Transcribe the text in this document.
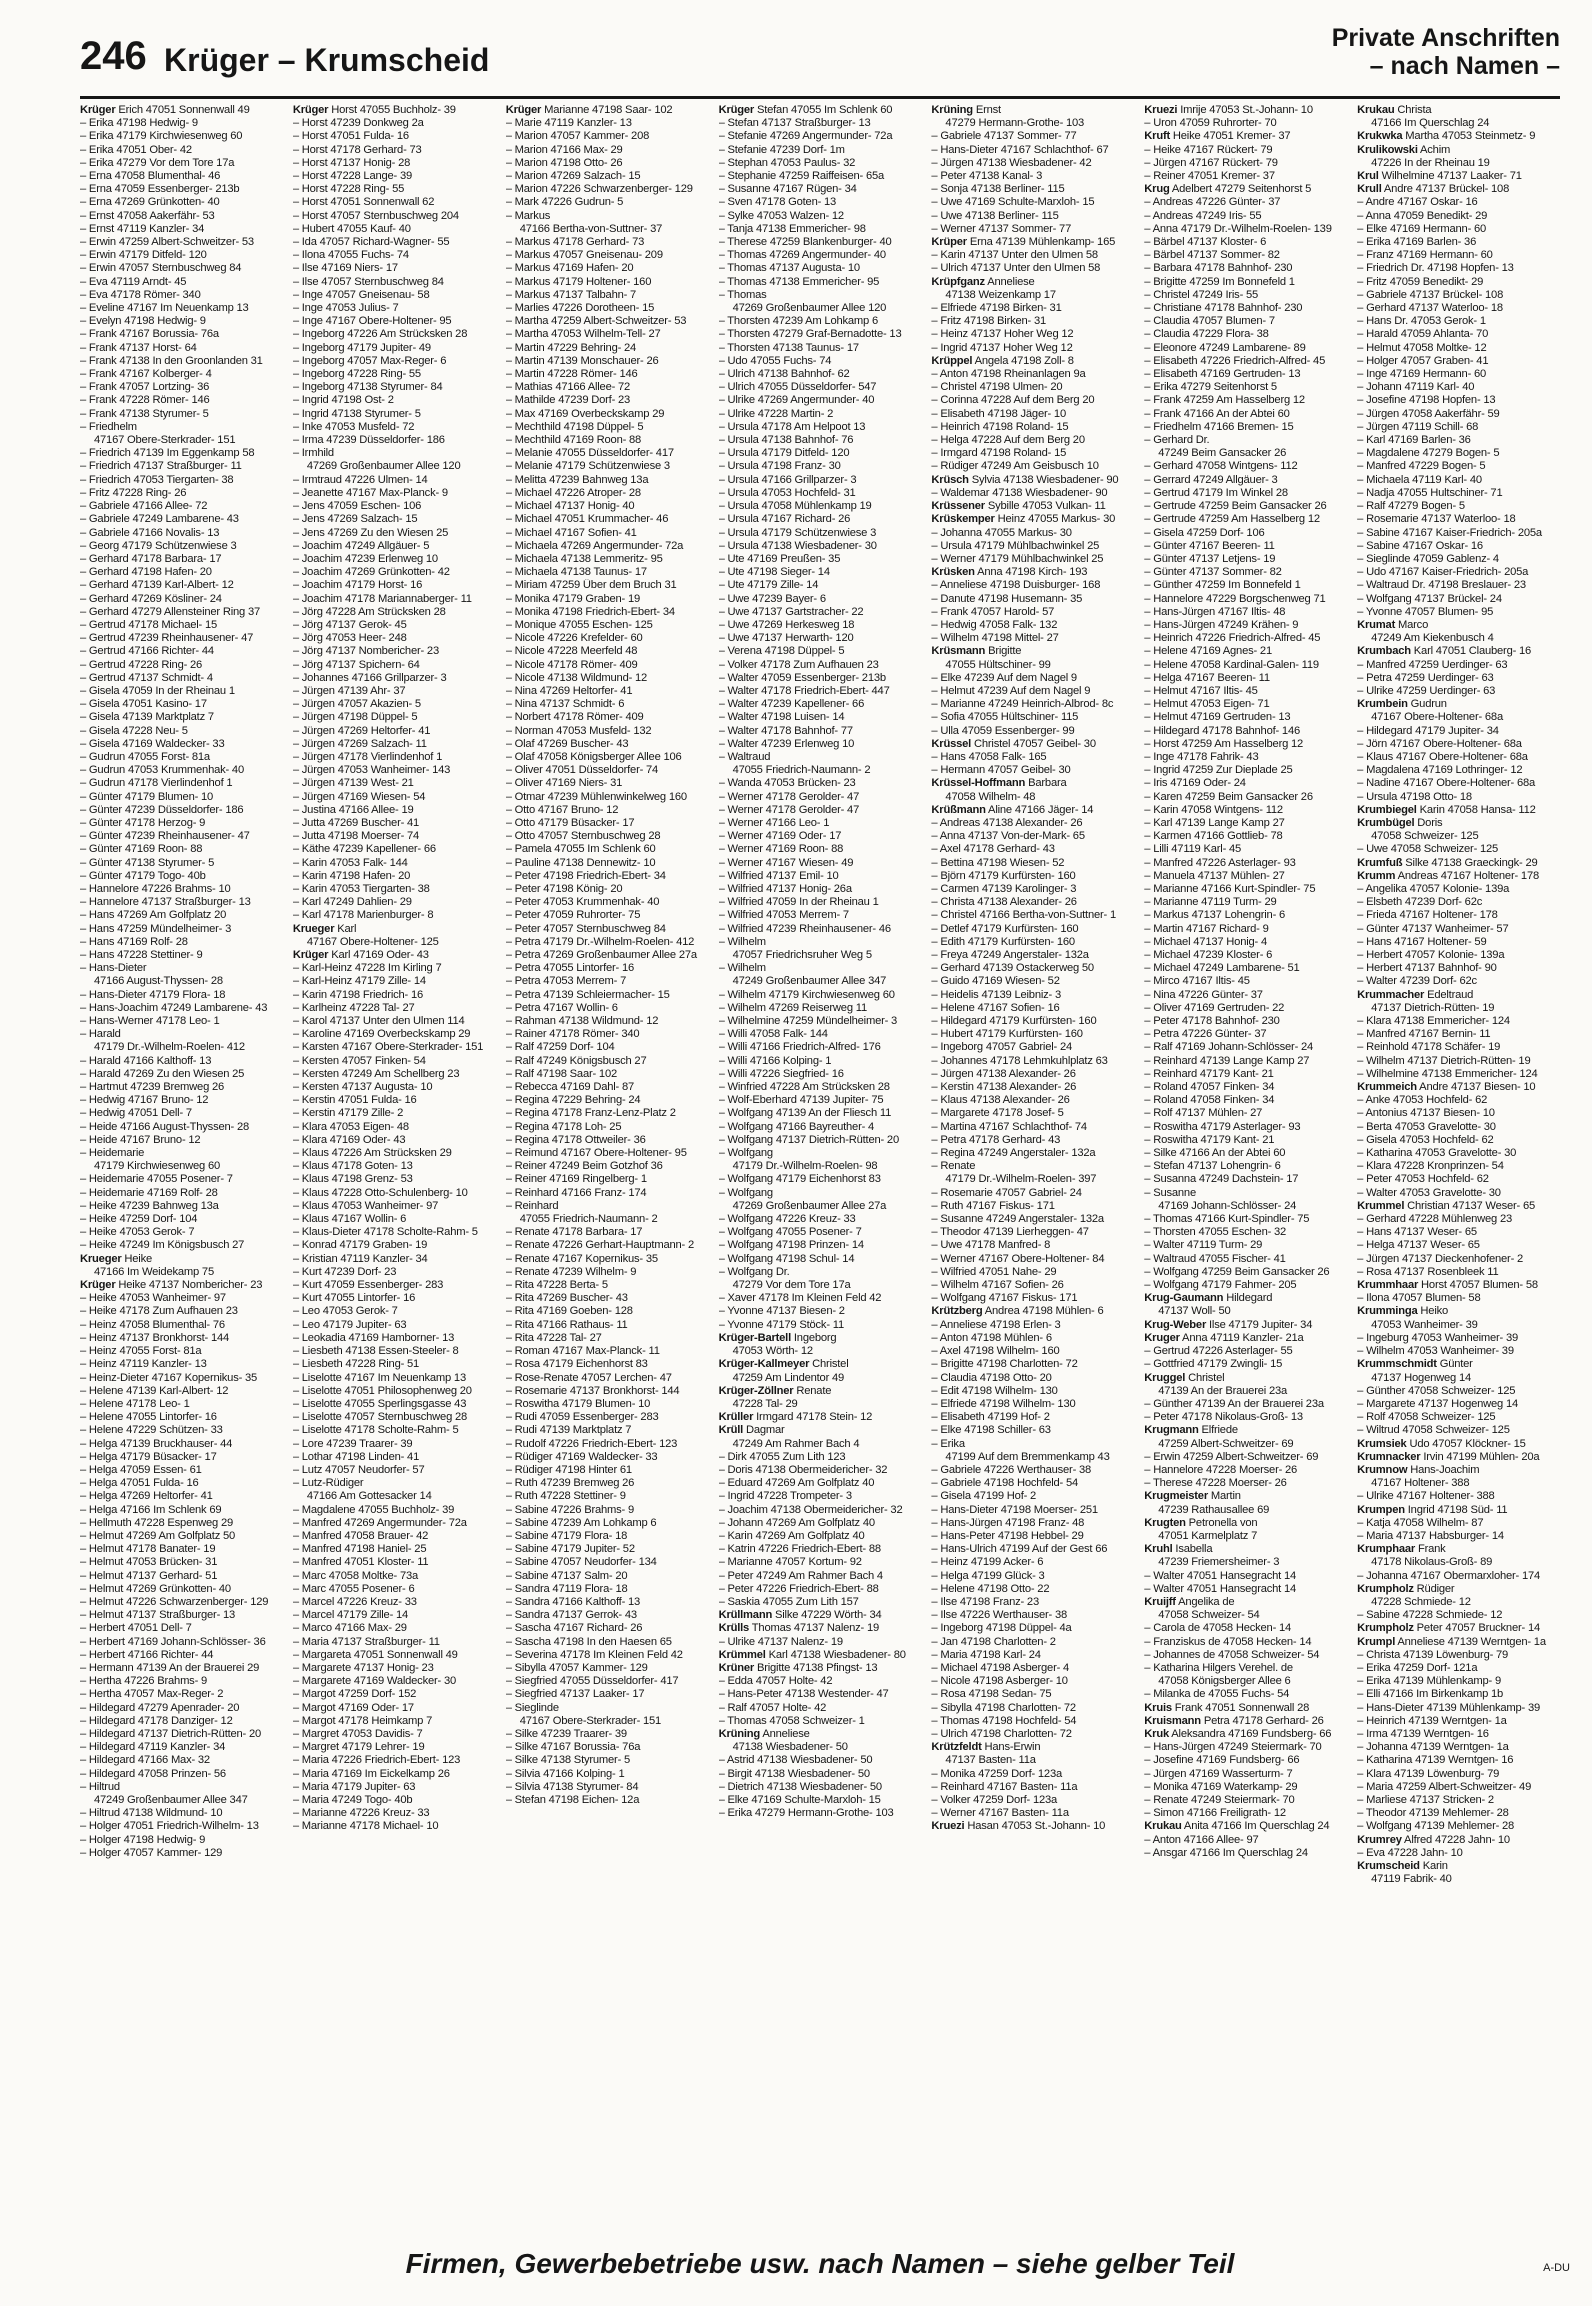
246 Krüger – Krumscheid
Private Anschriften
– nach Namen –
Krüger Erich 47051 Sonnenwall 49
– Erika 47198 Hedwig- 9
– Erika 47179 Kirchwiesenweg 60
– Erika 47051 Ober- 42
– Erika 47279 Vor dem Tore 17a
– Erna 47058 Blumenthal- 46
– Erna 47059 Essenberger- 213b
– Erna 47269 Grünkotten- 40
– Ernst 47058 Aakerfähr- 53
– Ernst 47119 Kanzler- 34
– Erwin 47259 Albert-Schweitzer- 53
– Erwin 47179 Ditfeld- 120
– Erwin 47057 Sternbuschweg 84
– Eva 47119 Arndt- 45
– Eva 47178 Römer- 340
– Eveline 47167 Im Neuenkamp 13
– Evelyn 47198 Hedwig- 9
– Frank 47167 Borussia- 76a
– Frank 47137 Horst- 64
– Frank 47138 In den Groonlanden 31
– Frank 47167 Kolberger- 4
– Frank 47057 Lortzing- 36
– Frank 47228 Römer- 146
– Frank 47138 Styrumer- 5
– Friedhelm
47167 Obere-Sterkrader- 151
– Friedrich 47139 Im Eggenkamp 58
– Friedrich 47137 Straßburger- 11
– Friedrich 47053 Tiergarten- 38
– Fritz 47228 Ring- 26
– Gabriele 47166 Allee- 72
– Gabriele 47249 Lambarene- 43
– Gabriele 47166 Novalis- 13
– Georg 47179 Schützenwiese 3
– Gerhard 47178 Barbara- 17
– Gerhard 47198 Hafen- 20
– Gerhard 47139 Karl-Albert- 12
– Gerhard 47269 Kösliner- 24
– Gerhard 47279 Allensteiner Ring 37
– Gertrud 47178 Michael- 15
– Gertrud 47239 Rheinhausener- 47
– Gertrud 47166 Richter- 44
– Gertrud 47228 Ring- 26
– Gertrud 47137 Schmidt- 4
– Gisela 47059 In der Rheinau 1
– Gisela 47051 Kasino- 17
– Gisela 47139 Marktplatz 7
– Gisela 47228 Neu- 5
– Gisela 47169 Waldecker- 33
– Gudrun 47055 Forst- 81a
– Gudrun 47053 Krummenhak- 40
– Gudrun 47178 Vierlindenhof 1
– Günter 47179 Blumen- 10
– Günter 47239 Düsseldorfer- 186
– Günter 47178 Herzog- 9
– Günter 47239 Rheinhausener- 47
– Günter 47169 Roon- 88
– Günter 47138 Styrumer- 5
– Günter 47179 Togo- 40b
– Hannelore 47226 Brahms- 10
– Hannelore 47137 Straßburger- 13
– Hans 47269 Am Golfplatz 20
– Hans 47259 Mündelheimer- 3
– Hans 47169 Rolf- 28
– Hans 47228 Stettiner- 9
– Hans-Dieter
47166 August-Thyssen- 28
– Hans-Dieter 47179 Flora- 18
– Hans-Joachim 47249 Lambarene- 43
– Hans-Werner 47178 Leo- 1
– Harald
47179 Dr.-Wilhelm-Roelen- 412
– Harald 47166 Kalthoff- 13
– Harald 47269 Zu den Wiesen 25
– Hartmut 47239 Bremweg 26
– Hedwig 47167 Bruno- 12
– Hedwig 47051 Dell- 7
– Heide 47166 August-Thyssen- 28
– Heide 47167 Bruno- 12
– Heidemarie
47179 Kirchwiesenweg 60
– Heidemarie 47055 Posener- 7
– Heidemarie 47169 Rolf- 28
– Heike 47239 Bahnweg 13a
– Heike 47259 Dorf- 104
– Heike 47053 Gerok- 7
– Heike 47249 Im Königsbusch 27
Krueger Heike
47166 Im Weidekamp 75
Krüger Heike 47137 Nombericher- 23
– Heike 47053 Wanheimer- 97
– Heike 47178 Zum Aufhauen 23
– Heinz 47058 Blumenthal- 76
– Heinz 47137 Bronkhorst- 144
– Heinz 47055 Forst- 81a
– Heinz 47119 Kanzler- 13
– Heinz-Dieter 47167 Kopernikus- 35
– Helene 47139 Karl-Albert- 12
– Helene 47178 Leo- 1
– Helene 47055 Lintorfer- 16
– Helene 47229 Schützen- 33
– Helga 47139 Bruckhauser- 44
– Helga 47179 Büsacker- 17
– Helga 47059 Essen- 61
– Helga 47051 Fulda- 16
– Helga 47269 Heltorfer- 41
– Helga 47166 Im Schlenk 69
– Hellmuth 47228 Espenweg 29
– Helmut 47269 Am Golfplatz 50
– Helmut 47178 Banater- 19
– Helmut 47053 Brücken- 31
– Helmut 47137 Gerhard- 51
– Helmut 47269 Grünkotten- 40
– Helmut 47226 Schwarzenberger- 129
– Helmut 47137 Straßburger- 13
– Herbert 47051 Dell- 7
– Herbert 47169 Johann-Schlösser- 36
– Herbert 47166 Richter- 44
– Hermann 47139 An der Brauerei 29
– Hertha 47226 Brahms- 9
– Hertha 47057 Max-Reger- 2
– Hildegard 47279 Apenrader- 20
– Hildegard 47178 Danziger- 12
– Hildegard 47137 Dietrich-Rütten- 20
– Hildegard 47119 Kanzler- 34
– Hildegard 47166 Max- 32
– Hildegard 47058 Prinzen- 56
– Hiltrud
47249 Großenbaumer Allee 347
– Hiltrud 47138 Wildmund- 10
– Holger 47051 Friedrich-Wilhelm- 13
– Holger 47198 Hedwig- 9
– Holger 47057 Kammer- 129
Krüger Horst 47055 Buchholz- 39
– Horst 47239 Donkweg 2a
– Horst 47051 Fulda- 16
– Horst 47178 Gerhard- 73
– Horst 47137 Honig- 28
– Horst 47228 Lange- 39
– Horst 47228 Ring- 55
– Horst 47051 Sonnenwall 62
– Horst 47057 Sternbuschweg 204
– Hubert 47055 Kauf- 40
– Ida 47057 Richard-Wagner- 55
– Ilona 47055 Fuchs- 74
– Ilse 47169 Niers- 17
– Ilse 47057 Sternbuschweg 84
– Inge 47057 Gneisenau- 58
– Inge 47053 Julius- 7
– Inge 47167 Obere-Holtener- 95
– Ingeborg 47226 Am Strücksken 28
– Ingeborg 47179 Jupiter- 49
– Ingeborg 47057 Max-Reger- 6
– Ingeborg 47228 Ring- 55
– Ingeborg 47138 Styrumer- 84
– Ingrid 47198 Ost- 2
– Ingrid 47138 Styrumer- 5
– Inke 47053 Musfeld- 72
– Irma 47239 Düsseldorfer- 186
– Irmhild
47269 Großenbaumer Allee 120
– Irmtraud 47226 Ulmen- 14
– Jeanette 47167 Max-Planck- 9
– Jens 47059 Eschen- 106
– Jens 47269 Salzach- 15
– Jens 47269 Zu den Wiesen 25
– Joachim 47249 Allgäuer- 5
– Joachim 47239 Erlenweg 10
– Joachim 47269 Grünkotten- 42
– Joachim 47179 Horst- 16
– Joachim 47178 Mariannaberger- 11
– Jörg 47228 Am Strücksken 28
– Jörg 47137 Gerok- 45
– Jörg 47053 Heer- 248
– Jörg 47137 Nombericher- 23
– Jörg 47137 Spichern- 64
– Johannes 47166 Grillparzer- 3
– Jürgen 47139 Ahr- 37
– Jürgen 47057 Akazien- 5
– Jürgen 47198 Düppel- 5
– Jürgen 47269 Heltorfer- 41
– Jürgen 47269 Salzach- 11
– Jürgen 47178 Vierlindenhof 1
– Jürgen 47053 Wanheimer- 143
– Jürgen 47139 West- 21
– Jürgen 47169 Wiesen- 54
– Justina 47166 Allee- 19
– Jutta 47269 Buscher- 41
– Jutta 47198 Moerser- 74
– Käthe 47239 Kapellener- 66
– Karin 47053 Falk- 144
– Karin 47198 Hafen- 20
– Karin 47053 Tiergarten- 38
– Karl 47249 Dahlien- 29
– Karl 47178 Marienburger- 8
Krueger Karl
47167 Obere-Holtener- 125
Krüger Karl 47169 Oder- 43
– Karl-Heinz 47228 Im Kirling 7
– Karl-Heinz 47179 Zille- 14
– Karin 47198 Friedrich- 16
– Karlheinz 47228 Tal- 27
– Karol 47137 Unter den Ulmen 114
– Karoline 47169 Overbeckskamp 29
– Karsten 47167 Obere-Sterkrader- 151
– Kersten 47057 Finken- 54
– Kersten 47249 Am Schellberg 23
– Kersten 47137 Augusta- 10
– Kerstin 47051 Fulda- 16
– Kerstin 47179 Zille- 2
– Klara 47053 Eigen- 48
– Klara 47169 Oder- 43
– Klaus 47226 Am Strücksken 29
– Klaus 47178 Goten- 13
– Klaus 47198 Grenz- 53
– Klaus 47228 Otto-Schulenberg- 10
– Klaus 47053 Wanheimer- 97
– Klaus 47167 Wollin- 6
– Klaus-Dieter 47178 Scholte-Rahm- 5
– Konrad 47179 Graben- 19
– Kristian 47119 Kanzler- 34
– Kurt 47239 Dorf- 23
– Kurt 47059 Essenberger- 283
– Kurt 47055 Lintorfer- 16
– Leo 47053 Gerok- 7
– Leo 47179 Jupiter- 63
– Leokadia 47169 Hamborner- 13
– Liesbeth 47138 Essen-Steeler- 8
– Liesbeth 47228 Ring- 51
– Liselotte 47167 Im Neuenkamp 13
– Liselotte 47051 Philosophenweg 20
– Liselotte 47055 Sperlingsgasse 43
– Liselotte 47057 Sternbuschweg 28
– Liselotte 47178 Scholte-Rahm- 5
– Lore 47239 Traarer- 39
– Lothar 47198 Linden- 41
– Lutz 47057 Neudorfer- 57
– Lutz-Rüdiger
47166 Am Gottesacker 14
– Magdalene 47055 Buchholz- 39
– Manfred 47269 Angermunder- 72a
– Manfred 47058 Brauer- 42
– Manfred 47198 Haniel- 25
– Manfred 47051 Kloster- 11
– Marc 47058 Moltke- 73a
– Marc 47055 Posener- 6
– Marcel 47226 Kreuz- 33
– Marcel 47179 Zille- 14
– Marco 47166 Max- 29
– Maria 47137 Straßburger- 11
– Margareta 47051 Sonnenwall 49
– Margarete 47137 Honig- 23
– Margarete 47169 Waldecker- 30
– Margot 47259 Dorf- 152
– Margot 47169 Oder- 17
– Margot 47178 Heimkamp 7
– Margret 47053 Davidis- 7
– Margret 47179 Lehrer- 19
– Maria 47226 Friedrich-Ebert- 123
– Maria 47169 Im Eickelkamp 26
– Maria 47179 Jupiter- 63
– Maria 47249 Togo- 40b
– Marianne 47226 Kreuz- 33
– Marianne 47178 Michael- 10
Krüger Marianne 47198 Saar- 102
– Marie 47119 Kanzler- 13
– Marion 47057 Kammer- 208
– Marion 47166 Max- 29
– Marion 47198 Otto- 26
– Marion 47269 Salzach- 15
– Marion 47226 Schwarzenberger- 129
– Mark 47226 Gudrun- 5
– Markus
47166 Bertha-von-Suttner- 37
– Markus 47178 Gerhard- 73
– Markus 47057 Gneisenau- 209
– Markus 47169 Hafen- 20
– Markus 47179 Holtener- 160
– Markus 47137 Talbahn- 7
– Marlies 47226 Dorotheen- 15
– Martha 47259 Albert-Schweitzer- 53
– Martha 47053 Wilhelm-Tell- 27
– Martin 47229 Behring- 24
– Martin 47139 Monschauer- 26
– Martin 47228 Römer- 146
– Mathias 47166 Allee- 72
– Mathilde 47239 Dorf- 23
– Max 47169 Overbeckskamp 29
– Mechthild 47198 Düppel- 5
– Mechthild 47169 Roon- 88
– Melanie 47055 Düsseldorfer- 417
– Melanie 47179 Schützenwiese 3
– Melitta 47239 Bahnweg 13a
– Michael 47226 Atroper- 28
– Michael 47137 Honig- 40
– Michael 47051 Krummacher- 46
– Michael 47167 Sofien- 41
– Michaela 47269 Angermunder- 72a
– Michaela 47138 Lemmeritz- 95
– Michaela 47138 Taunus- 17
– Miriam 47259 Über dem Bruch 31
– Monika 47179 Graben- 19
– Monika 47198 Friedrich-Ebert- 34
– Monique 47055 Eschen- 125
– Nicole 47226 Krefelder- 60
– Nicole 47228 Meerfeld 48
– Nicole 47178 Römer- 409
– Nicole 47138 Wildmund- 12
– Nina 47269 Heltorfer- 41
– Nina 47137 Schmidt- 6
– Norbert 47178 Römer- 409
– Norman 47053 Musfeld- 132
– Olaf 47269 Buscher- 43
– Olaf 47058 Königsberger Allee 106
– Oliver 47051 Düsseldorfer- 74
– Oliver 47169 Niers- 31
– Otmar 47239 Mühlenwinkelweg 160
– Otto 47167 Bruno- 12
– Otto 47179 Büsacker- 17
– Otto 47057 Sternbuschweg 28
– Pamela 47055 Im Schlenk 60
– Pauline 47138 Dennewitz- 10
– Peter 47198 Friedrich-Ebert- 34
– Peter 47198 König- 20
– Peter 47053 Krummenhak- 40
– Peter 47059 Ruhrorter- 75
– Peter 47057 Sternbuschweg 84
– Petra 47179 Dr.-Wilhelm-Roelen- 412
– Petra 47269 Großenbaumer Allee 27a
– Petra 47055 Lintorfer- 16
– Petra 47053 Merrem- 7
– Petra 47139 Schleiermacher- 15
– Petra 47167 Wollin- 6
– Rahman 47138 Wildmund- 12
– Rainer 47178 Römer- 340
– Ralf 47259 Dorf- 104
– Ralf 47249 Königsbusch 27
– Ralf 47198 Saar- 102
– Rebecca 47169 Dahl- 87
– Regina 47229 Behring- 24
– Regina 47178 Franz-Lenz-Platz 2
– Regina 47178 Loh- 25
– Regina 47178 Ottweiler- 36
– Reimund 47167 Obere-Holtener- 95
– Reiner 47249 Beim Gotzhof 36
– Reiner 47169 Ringelberg- 1
– Reinhard 47166 Franz- 174
– Reinhard
47055 Friedrich-Naumann- 2
– Renate 47178 Barbara- 17
– Renate 47226 Gerhart-Hauptmann- 2
– Renate 47167 Kopernikus- 35
– Renate 47239 Wilhelm- 9
– Rita 47228 Berta- 5
– Rita 47269 Buscher- 43
– Rita 47169 Goeben- 128
– Rita 47166 Rathaus- 11
– Rita 47228 Tal- 27
– Roman 47167 Max-Planck- 11
– Rosa 47179 Eichenhorst 83
– Rose-Renate 47057 Lerchen- 47
– Rosemarie 47137 Bronkhorst- 144
– Roswitha 47179 Blumen- 10
– Rudi 47059 Essenberger- 283
– Rudi 47139 Marktplatz 7
– Rudolf 47226 Friedrich-Ebert- 123
– Rüdiger 47169 Waldecker- 33
– Rüdiger 47198 Hinter 61
– Ruth 47239 Bremweg 26
– Ruth 47228 Stettiner- 9
– Sabine 47226 Brahms- 9
– Sabine 47239 Am Lohkamp 6
– Sabine 47179 Flora- 18
– Sabine 47179 Jupiter- 52
– Sabine 47057 Neudorfer- 134
– Sabine 47137 Salm- 20
– Sandra 47119 Flora- 18
– Sandra 47166 Kalthoff- 13
– Sandra 47137 Gerrok- 43
– Sascha 47167 Richard- 26
– Sascha 47198 In den Haesen 65
– Severina 47178 Im Kleinen Feld 42
– Sibylla 47057 Kammer- 129
– Siegfried 47055 Düsseldorfer- 417
– Siegfried 47137 Laaker- 17
– Sieglinde
47167 Obere-Sterkrader- 151
– Silke 47239 Traarer- 39
– Silke 47167 Borussia- 76a
– Silke 47138 Styrumer- 5
– Silvia 47166 Kolping- 1
– Silvia 47138 Styrumer- 84
– Stefan 47198 Eichen- 12a
Krüger Stefan 47055 Im Schlenk 60
– Stefan 47137 Straßburger- 13
– Stefanie 47269 Angermunder- 72a
– Stefanie 47239 Dorf- 1m
– Stephan 47053 Paulus- 32
– Stephanie 47259 Raiffeisen- 65a
– Susanne 47167 Rügen- 34
– Sven 47178 Goten- 13
– Sylke 47053 Walzen- 12
– Tanja 47138 Emmericher- 98
– Therese 47259 Blankenburger- 40
– Thomas 47269 Angermunder- 40
– Thomas 47137 Augusta- 10
– Thomas 47138 Emmericher- 95
– Thomas
47269 Großenbaumer Allee 120
– Thorsten 47239 Am Lohkamp 6
– Thorsten 47279 Graf-Bernadotte- 13
– Thorsten 47138 Taunus- 17
– Udo 47055 Fuchs- 74
– Ulrich 47138 Bahnhof- 62
– Ulrich 47055 Düsseldorfer- 547
– Ulrike 47269 Angermunder- 40
– Ulrike 47228 Martin- 2
– Ursula 47178 Am Helpoot 13
– Ursula 47138 Bahnhof- 76
– Ursula 47179 Ditfeld- 120
– Ursula 47198 Franz- 30
– Ursula 47166 Grillparzer- 3
– Ursula 47053 Hochfeld- 31
– Ursula 47058 Mühlenkamp 19
– Ursula 47167 Richard- 26
– Ursula 47179 Schützenwiese 3
– Ursula 47138 Wiesbadener- 30
– Ute 47169 Preußen- 35
– Ute 47198 Sieger- 14
– Ute 47179 Zille- 14
– Uwe 47239 Bayer- 6
– Uwe 47137 Gartstracher- 22
– Uwe 47269 Herkesweg 18
– Uwe 47137 Herwarth- 120
– Verena 47198 Düppel- 5
– Volker 47178 Zum Aufhauen 23
– Walter 47059 Essenberger- 213b
– Walter 47178 Friedrich-Ebert- 447
– Walter 47239 Kapellener- 66
– Walter 47198 Luisen- 14
– Walter 47178 Bahnhof- 77
– Walter 47239 Erlenweg 10
– Waltraud
47055 Friedrich-Naumann- 2
– Wanda 47053 Brücken- 23
– Werner 47178 Gerolder- 47
– Werner 47178 Gerolder- 47
– Werner 47166 Leo- 1
– Werner 47169 Oder- 17
– Werner 47169 Roon- 88
– Werner 47167 Wiesen- 49
– Wilfried 47137 Emil- 10
– Wilfried 47137 Honig- 26a
– Wilfried 47059 In der Rheinau 1
– Wilfried 47053 Merrem- 7
– Wilfried 47239 Rheinhausener- 46
– Wilhelm
47057 Friedrichsruher Weg 5
– Wilhelm
47249 Großenbaumer Allee 347
– Wilhelm 47179 Kirchwiesenweg 60
– Wilhelm 47269 Reiserweg 11
– Wilhelmine 47259 Mündelheimer- 3
– Willi 47058 Falk- 144
– Willi 47166 Friedrich-Alfred- 176
– Willi 47166 Kolping- 1
– Willi 47226 Siegfried- 16
– Winfried 47228 Am Strücksken 28
– Wolf-Eberhard 47139 Jupiter- 75
– Wolfgang 47139 An der Fliesch 11
– Wolfgang 47166 Bayreuther- 4
– Wolfgang 47137 Dietrich-Rütten- 20
– Wolfgang
47179 Dr.-Wilhelm-Roelen- 98
– Wolfgang 47179 Eichenhorst 83
– Wolfgang
47269 Großenbaumer Allee 27a
– Wolfgang 47226 Kreuz- 33
– Wolfgang 47055 Posener- 7
– Wolfgang 47198 Prinzen- 14
– Wolfgang 47198 Schul- 14
– Wolfgang Dr.
47279 Vor dem Tore 17a
– Xaver 47178 Im Kleinen Feld 42
– Yvonne 47137 Biesen- 2
– Yvonne 47179 Stöck- 11
Krüger-Bartell Ingeborg
47053 Wörth- 12
Krüger-Kallmeyer Christel
47259 Am Lindentor 49
Krüger-Zöllner Renate
47228 Tal- 29
Krüller Irmgard 47178 Stein- 12
Krüll Dagmar
47249 Am Rahmer Bach 4
– Dirk 47055 Zum Lith 123
– Doris 47138 Obermeidericher- 32
– Eduard 47269 Am Golfplatz 40
– Ingrid 47228 Trompeter- 3
– Joachim 47138 Obermeidericher- 32
– Johann 47269 Am Golfplatz 40
– Karin 47269 Am Golfplatz 40
– Katrin 47226 Friedrich-Ebert- 88
– Marianne 47057 Kortum- 92
– Peter 47249 Am Rahmer Bach 4
– Peter 47226 Friedrich-Ebert- 88
– Saskia 47055 Zum Lith 157
Krüllmann Silke 47229 Wörth- 34
Krülls Thomas 47137 Nalenz- 19
– Ulrike 47137 Nalenz- 19
Krümmel Karl 47138 Wiesbadener- 80
Krüner Brigitte 47138 Pfingst- 13
– Edda 47057 Holte- 42
– Hans-Peter 47138 Westender- 47
– Ralf 47057 Holte- 42
– Thomas 47058 Schweizer- 1
Krüning Anneliese
47138 Wiesbadener- 50
– Astrid 47138 Wiesbadener- 50
– Birgit 47138 Wiesbadener- 50
– Dietrich 47138 Wiesbadener- 50
– Elke 47169 Schulte-Marxloh- 15
– Erika 47279 Hermann-Grothe- 103
Krüning Ernst
47279 Hermann-Grothe- 103
– Gabriele 47137 Sommer- 77
– Hans-Dieter 47167 Schlachthof- 67
– Jürgen 47138 Wiesbadener- 42
– Peter 47138 Kanal- 3
– Sonja 47138 Berliner- 115
– Uwe 47169 Schulte-Marxloh- 15
– Uwe 47138 Berliner- 115
– Werner 47137 Sommer- 77
Krüper Erna 47139 Mühlenkamp- 165
– Karin 47137 Unter den Ulmen 58
– Ulrich 47137 Unter den Ulmen 58
Krüpfganz Anneliese
47138 Weizenkamp 17
– Elfriede 47198 Birken- 31
– Fritz 47198 Birken- 31
– Heinz 47137 Hoher Weg 12
– Ingrid 47137 Hoher Weg 12
Krüppel Angela 47198 Zoll- 8
– Anton 47198 Rheinanlagen 9a
– Christel 47198 Ulmen- 20
– Corinna 47228 Auf dem Berg 20
– Elisabeth 47198 Jäger- 10
– Heinrich 47198 Roland- 15
– Helga 47228 Auf dem Berg 20
– Irmgard 47198 Roland- 15
– Rüdiger 47249 Am Geisbusch 10
Krüsch Sylvia 47138 Wiesbadener- 90
– Waldemar 47138 Wiesbadener- 90
Krüssener Sybille 47053 Vulkan- 11
Krüskemper Heinz 47055 Markus- 30
– Johanna 47055 Markus- 30
– Ursula 47179 Mühlbachwinkel 25
– Werner 47179 Mühlbachwinkel 25
Krüsken Anna 47198 Kirch- 193
– Anneliese 47198 Duisburger- 168
– Danute 47198 Husemann- 35
– Frank 47057 Harold- 57
– Hedwig 47058 Falk- 132
– Wilhelm 47198 Mittel- 27
Krüsmann Brigitte
47055 Hültschiner- 99
– Elke 47239 Auf dem Nagel 9
– Helmut 47239 Auf dem Nagel 9
– Marianne 47249 Heinrich-Albrod- 8c
– Sofia 47055 Hültschiner- 115
– Ulla 47059 Essenberger- 99
Krüssel Christel 47057 Geibel- 30
– Hans 47058 Falk- 165
– Hermann 47057 Geibel- 30
Krüssel-Hoffmann Barbara
47058 Wilhelm- 48
Krüßmann Aline 47166 Jäger- 14
– Andreas 47138 Alexander- 26
– Anna 47137 Von-der-Mark- 65
– Axel 47178 Gerhard- 43
– Bettina 47198 Wiesen- 52
– Björn 47179 Kurfürsten- 160
– Carmen 47139 Karolinger- 3
– Christa 47138 Alexander- 26
– Christel 47166 Bertha-von-Suttner- 1
– Detlef 47179 Kurfürsten- 160
– Edith 47179 Kurfürsten- 160
– Freya 47249 Angerstaler- 132a
– Gerhard 47139 Ostackerweg 50
– Guido 47169 Wiesen- 52
– Heidelis 47139 Leibniz- 3
– Helene 47167 Sofien- 16
– Hildegard 47179 Kurfürsten- 160
– Hubert 47179 Kurfürsten- 160
– Ingeborg 47057 Gabriel- 24
– Johannes 47178 Lehmkuhlplatz 63
– Jürgen 47138 Alexander- 26
– Kerstin 47138 Alexander- 26
– Klaus 47138 Alexander- 26
– Margarete 47178 Josef- 5
– Martina 47167 Schlachthof- 74
– Petra 47178 Gerhard- 43
– Regina 47249 Angerstaler- 132a
– Renate
47179 Dr.-Wilhelm-Roelen- 397
– Rosemarie 47057 Gabriel- 24
– Ruth 47167 Fiskus- 171
– Susanne 47249 Angerstaler- 132a
– Theodor 47139 Lierheggen- 47
– Uwe 47178 Manfred- 8
– Werner 47167 Obere-Holtener- 84
– Wilfried 47051 Nahe- 29
– Wilhelm 47167 Sofien- 26
– Wolfgang 47167 Fiskus- 171
Krützberg Andrea 47198 Mühlen- 6
– Anneliese 47198 Erlen- 3
– Anton 47198 Mühlen- 6
– Axel 47198 Wilhelm- 160
– Brigitte 47198 Charlotten- 72
– Claudia 47198 Otto- 20
– Edit 47198 Wilhelm- 130
– Elfriede 47198 Wilhelm- 130
– Elisabeth 47199 Hof- 2
– Elke 47198 Schiller- 63
– Erika
47199 Auf dem Bremmenkamp 43
– Gabriele 47226 Werthauser- 38
– Gabriele 47198 Hochfeld- 54
– Gisela 47199 Hof- 2
– Hans-Dieter 47198 Moerser- 251
– Hans-Jürgen 47198 Franz- 48
– Hans-Peter 47198 Hebbel- 29
– Hans-Ulrich 47199 Auf der Gest 66
– Heinz 47199 Acker- 6
– Helga 47199 Glück- 3
– Helene 47198 Otto- 22
– Ilse 47198 Franz- 23
– Ilse 47226 Werthauser- 38
– Ingeborg 47198 Düppel- 4a
– Jan 47198 Charlotten- 2
– Maria 47198 Karl- 24
– Michael 47198 Asberger- 4
– Nicole 47198 Asberger- 10
– Rosa 47198 Sedan- 75
– Sibylla 47198 Charlotten- 72
– Thomas 47198 Hochfeld- 54
– Ulrich 47198 Charlotten- 72
Krützfeldt Hans-Erwin
47137 Basten- 11a
– Monika 47259 Dorf- 123a
– Reinhard 47167 Basten- 11a
– Volker 47259 Dorf- 123a
– Werner 47167 Basten- 11a
Kruezi Hasan 47053 St.-Johann- 10
Kruezi Imrije 47053 St.-Johann- 10
– Uron 47059 Ruhrorter- 70
Kruft Heike 47051 Kremer- 37
– Heike 47167 Rückert- 79
– Jürgen 47167 Rückert- 79
– Reiner 47051 Kremer- 37
Krug Adelbert 47279 Seitenhorst 5
– Andreas 47226 Günter- 37
– Andreas 47249 Iris- 55
– Anna 47179 Dr.-Wilhelm-Roelen- 139
– Bärbel 47137 Kloster- 6
– Bärbel 47137 Sommer- 82
– Barbara 47178 Bahnhof- 230
– Brigitte 47259 Im Bonnefeld 1
– Christel 47249 Iris- 55
– Christiane 47178 Bahnhof- 230
– Claudia 47057 Blumen- 7
– Claudia 47229 Flora- 38
– Eleonore 47249 Lambarene- 89
– Elisabeth 47226 Friedrich-Alfred- 45
– Elisabeth 47169 Gertruden- 13
– Erika 47279 Seitenhorst 5
– Frank 47259 Am Hasselberg 12
– Frank 47166 An der Abtei 60
– Friedhelm 47166 Bremen- 15
– Gerhard Dr.
47249 Beim Gansacker 26
– Gerhard 47058 Wintgens- 112
– Gerrard 47249 Allgäuer- 3
– Gertrud 47179 Im Winkel 28
– Gertrude 47259 Beim Gansacker 26
– Gertrude 47259 Am Hasselberg 12
– Gisela 47259 Dorf- 106
– Günter 47167 Beeren- 11
– Günter 47137 Letjens- 19
– Günter 47137 Sommer- 82
– Günther 47259 Im Bonnefeld 1
– Hannelore 47229 Borgschenweg 71
– Hans-Jürgen 47167 Iltis- 48
– Hans-Jürgen 47249 Krähen- 9
– Heinrich 47226 Friedrich-Alfred- 45
– Helene 47169 Agnes- 21
– Helene 47058 Kardinal-Galen- 119
– Helga 47167 Beeren- 11
– Helmut 47167 Iltis- 45
– Helmut 47053 Eigen- 71
– Helmut 47169 Gertruden- 13
– Hildegard 47178 Bahnhof- 146
– Horst 47259 Am Hasselberg 12
– Inge 47178 Fahrik- 43
– Ingrid 47259 Zur Diepladе 25
– Iris 47169 Oder- 24
– Karen 47259 Beim Gansacker 26
– Karin 47058 Wintgens- 112
– Karl 47139 Lange Kamp 27
– Karmen 47166 Gottlieb- 78
– Lilli 47119 Karl- 45
– Manfred 47226 Asterlager- 93
– Manuela 47137 Mühlen- 27
– Marianne 47166 Kurt-Spindler- 75
– Marianne 47119 Turm- 29
– Markus 47137 Lohengrin- 6
– Martin 47167 Richard- 9
– Michael 47137 Honig- 4
– Michael 47239 Kloster- 6
– Michael 47249 Lambarene- 51
– Mirco 47167 Iltis- 45
– Nina 47226 Günter- 37
– Oliver 47169 Gertruden- 22
– Peter 47178 Bahnhof- 230
– Petra 47226 Günter- 37
– Ralf 47169 Johann-Schlösser- 24
– Reinhard 47139 Lange Kamp 27
– Reinhard 47179 Kant- 21
– Roland 47057 Finken- 34
– Roland 47058 Finken- 34
– Rolf 47137 Mühlen- 27
– Roswitha 47179 Asterlager- 93
– Roswitha 47179 Kant- 21
– Silke 47166 An der Abtei 60
– Stefan 47137 Lohengrin- 6
– Susanna 47249 Dachstein- 17
– Susanne
47169 Johann-Schlösser- 24
– Thomas 47166 Kurt-Spindler- 75
– Thorsten 47055 Eschen- 32
– Walter 47119 Turm- 29
– Waltraud 47055 Fischer- 41
– Wolfgang 47259 Beim Gansacker 26
– Wolfgang 47179 Fahmer- 205
Krug-Gaumann Hildegard
47137 Woll- 50
Krug-Weber Ilse 47179 Jupiter- 34
Kruger Anna 47119 Kanzler- 21a
– Gertrud 47226 Asterlager- 55
– Gottfried 47179 Zwingli- 15
Kruggel Christel
47139 An der Brauerei 23a
– Günther 47139 An der Brauerei 23a
– Peter 47178 Nikolaus-Groß- 13
Krugmann Elfriede
47259 Albert-Schweitzer- 69
– Erwin 47259 Albert-Schweitzer- 69
– Hannelore 47228 Moerser- 26
– Therese 47228 Moerser- 26
Krugmeister Martin
47239 Rathausallee 69
Krugten Petronella von
47051 Karmelplatz 7
Kruhl Isabella
47239 Friemersheimer- 3
– Walter 47051 Hansegracht 14
– Walter 47051 Hansegracht 14
Kruijff Angelika de
47058 Schweizer- 54
– Carola de 47058 Hecken- 14
– Franziskus de 47058 Hecken- 14
– Johannes de 47058 Schweizer- 54
– Katharina Hilgers Verehel. de
47058 Königsberger Allee 6
– Milanka de 47055 Fuchs- 54
Kruis Frank 47051 Sonnenwall 28
Kruismann Petra 47178 Gerhard- 26
Kruk Aleksandra 47169 Fundsberg- 66
– Hans-Jürgen 47249 Steiermark- 70
– Josefine 47169 Fundsberg- 66
– Jürgen 47169 Wasserturm- 7
– Monika 47169 Waterkamp- 29
– Renate 47249 Steiermark- 70
– Simon 47166 Freiligrath- 12
Krukau Anita 47166 Im Querschlag 24
– Anton 47166 Allee- 97
– Ansgar 47166 Im Querschlag 24
Krukau Christa
47166 Im Querschlag 24
Krukwka Martha 47053 Steinmetz- 9
Krulikowski Achim
47226 In der Rheinau 19
Krul Wilhelmine 47137 Laaker- 71
Krull Andre 47137 Brückel- 108
– Andre 47167 Oskar- 16
– Anna 47059 Benedikt- 29
– Elke 47169 Hermann- 60
– Erika 47169 Barlen- 36
– Franz 47169 Hermann- 60
– Friedrich Dr. 47198 Hopfen- 13
– Fritz 47059 Benedikt- 29
– Gabriele 47137 Brückel- 108
– Gerhard 47137 Waterloo- 18
– Hans Dr. 47053 Gerok- 1
– Harald 47059 Ahlanta- 70
– Helmut 47058 Moltke- 12
– Holger 47057 Graben- 41
– Inge 47169 Hermann- 60
– Johann 47119 Karl- 40
– Josefine 47198 Hopfen- 13
– Jürgen 47058 Aakerfähr- 59
– Jürgen 47119 Schill- 68
– Karl 47169 Barlen- 36
– Magdalene 47279 Bogen- 5
– Manfred 47229 Bogen- 5
– Michaela 47119 Karl- 40
– Nadja 47055 Hultschiner- 71
– Ralf 47279 Bogen- 5
– Rosemarie 47137 Waterloo- 18
– Sabine 47167 Kaiser-Friedrich- 205a
– Sabine 47167 Oskar- 16
– Sieglinde 47059 Gablenz- 4
– Udo 47167 Kaiser-Friedrich- 205a
– Waltraud Dr. 47198 Breslauer- 23
– Wolfgang 47137 Brückel- 24
– Yvonne 47057 Blumen- 95
Krumat Marco
47249 Am Kiekenbusch 4
Krumbach Karl 47051 Clauberg- 16
– Manfred 47259 Uerdinger- 63
– Petra 47259 Uerdinger- 63
– Ulrike 47259 Uerdinger- 63
Krumbein Gudrun
47167 Obere-Holtener- 68a
– Hildegard 47179 Jupiter- 34
– Jörn 47167 Obere-Holtener- 68a
– Klaus 47167 Obere-Holtener- 68a
– Magdalena 47169 Lothringer- 12
– Nadine 47167 Obere-Holtener- 68a
– Ursula 47198 Otto- 18
Krumbiegel Karin 47058 Hansa- 112
Krumbügel Doris
47058 Schweizer- 125
– Uwe 47058 Schweizer- 125
Krumfuß Silke 47138 Graeckingk- 29
Krumm Andreas 47167 Holtener- 178
– Angelika 47057 Kolonie- 139a
– Elsbeth 47239 Dorf- 62c
– Frieda 47167 Holtener- 178
– Günter 47137 Wanheimer- 57
– Hans 47167 Holtener- 59
– Herbert 47057 Kolonie- 139a
– Herbert 47137 Bahnhof- 90
– Walter 47239 Dorf- 62c
Krummacher Edeltraud
47137 Dietrich-Rütten- 19
– Klara 47138 Emmericher- 124
– Manfred 47167 Bernin- 11
– Reinhold 47178 Schäfer- 19
– Wilhelm 47137 Dietrich-Rütten- 19
– Wilhelmine 47138 Emmericher- 124
Krummeich Andre 47137 Biesen- 10
– Anke 47053 Hochfeld- 62
– Antonius 47137 Biesen- 10
– Berta 47053 Gravelotte- 30
– Gisela 47053 Hochfeld- 62
– Katharina 47053 Gravelotte- 30
– Klara 47228 Kronprinzen- 54
– Peter 47053 Hochfeld- 62
– Walter 47053 Gravelotte- 30
Krummel Christian 47137 Weser- 65
– Gerhard 47228 Mühlenweg 23
– Hans 47137 Weser- 65
– Helga 47137 Weser- 65
– Jürgen 47137 Dieckenhofener- 2
– Rosa 47137 Rosenbleek 11
Krummhaar Horst 47057 Blumen- 58
– Ilona 47057 Blumen- 58
Krumminga Heiko
47053 Wanheimer- 39
– Ingeburg 47053 Wanheimer- 39
– Wilhelm 47053 Wanheimer- 39
Krummschmidt Günter
47137 Hogenweg 14
– Günther 47058 Schweizer- 125
– Margarete 47137 Hogenweg 14
– Rolf 47058 Schweizer- 125
– Wiltrud 47058 Schweizer- 125
Krumsiek Udo 47057 Klöckner- 15
Krumnacker Irvin 47199 Mühlen- 20a
Krumnow Hans-Joachim
47167 Holtener- 388
– Ulrike 47167 Holtener- 388
Krumpen Ingrid 47198 Süd- 11
– Katja 47058 Wilhelm- 87
– Maria 47137 Habsburger- 14
Krumphaar Frank
47178 Nikolaus-Groß- 89
– Johanna 47167 Obermarxloher- 174
Krumpholz Rüdiger
47228 Schmiede- 12
– Sabine 47228 Schmiede- 12
Krumpholz Peter 47057 Bruckner- 14
Krumpl Anneliese 47139 Werntgen- 1a
– Christa 47139 Löwenburg- 79
– Erika 47259 Dorf- 121a
– Erika 47139 Mühlenkamp- 9
– Elli 47166 Im Birkenkamp 1b
– Hans-Dieter 47139 Mühlenkamp- 39
– Heinrich 47139 Werntgen- 1a
– Irma 47139 Werntgen- 16
– Johanna 47139 Werntgen- 1a
– Katharina 47139 Werntgen- 16
– Klara 47139 Löwenburg- 79
– Maria 47259 Albert-Schweitzer- 49
– Marliese 47137 Stricken- 2
– Theodor 47139 Mehlemer- 28
– Wolfgang 47139 Mehlemer- 28
Krumrey Alfred 47228 Jahn- 10
– Eva 47228 Jahn- 10
Krumscheid Karin
47119 Fabrik- 40
Firmen, Gewerbebetriebe usw. nach Namen – siehe gelber Teil	A-DU
